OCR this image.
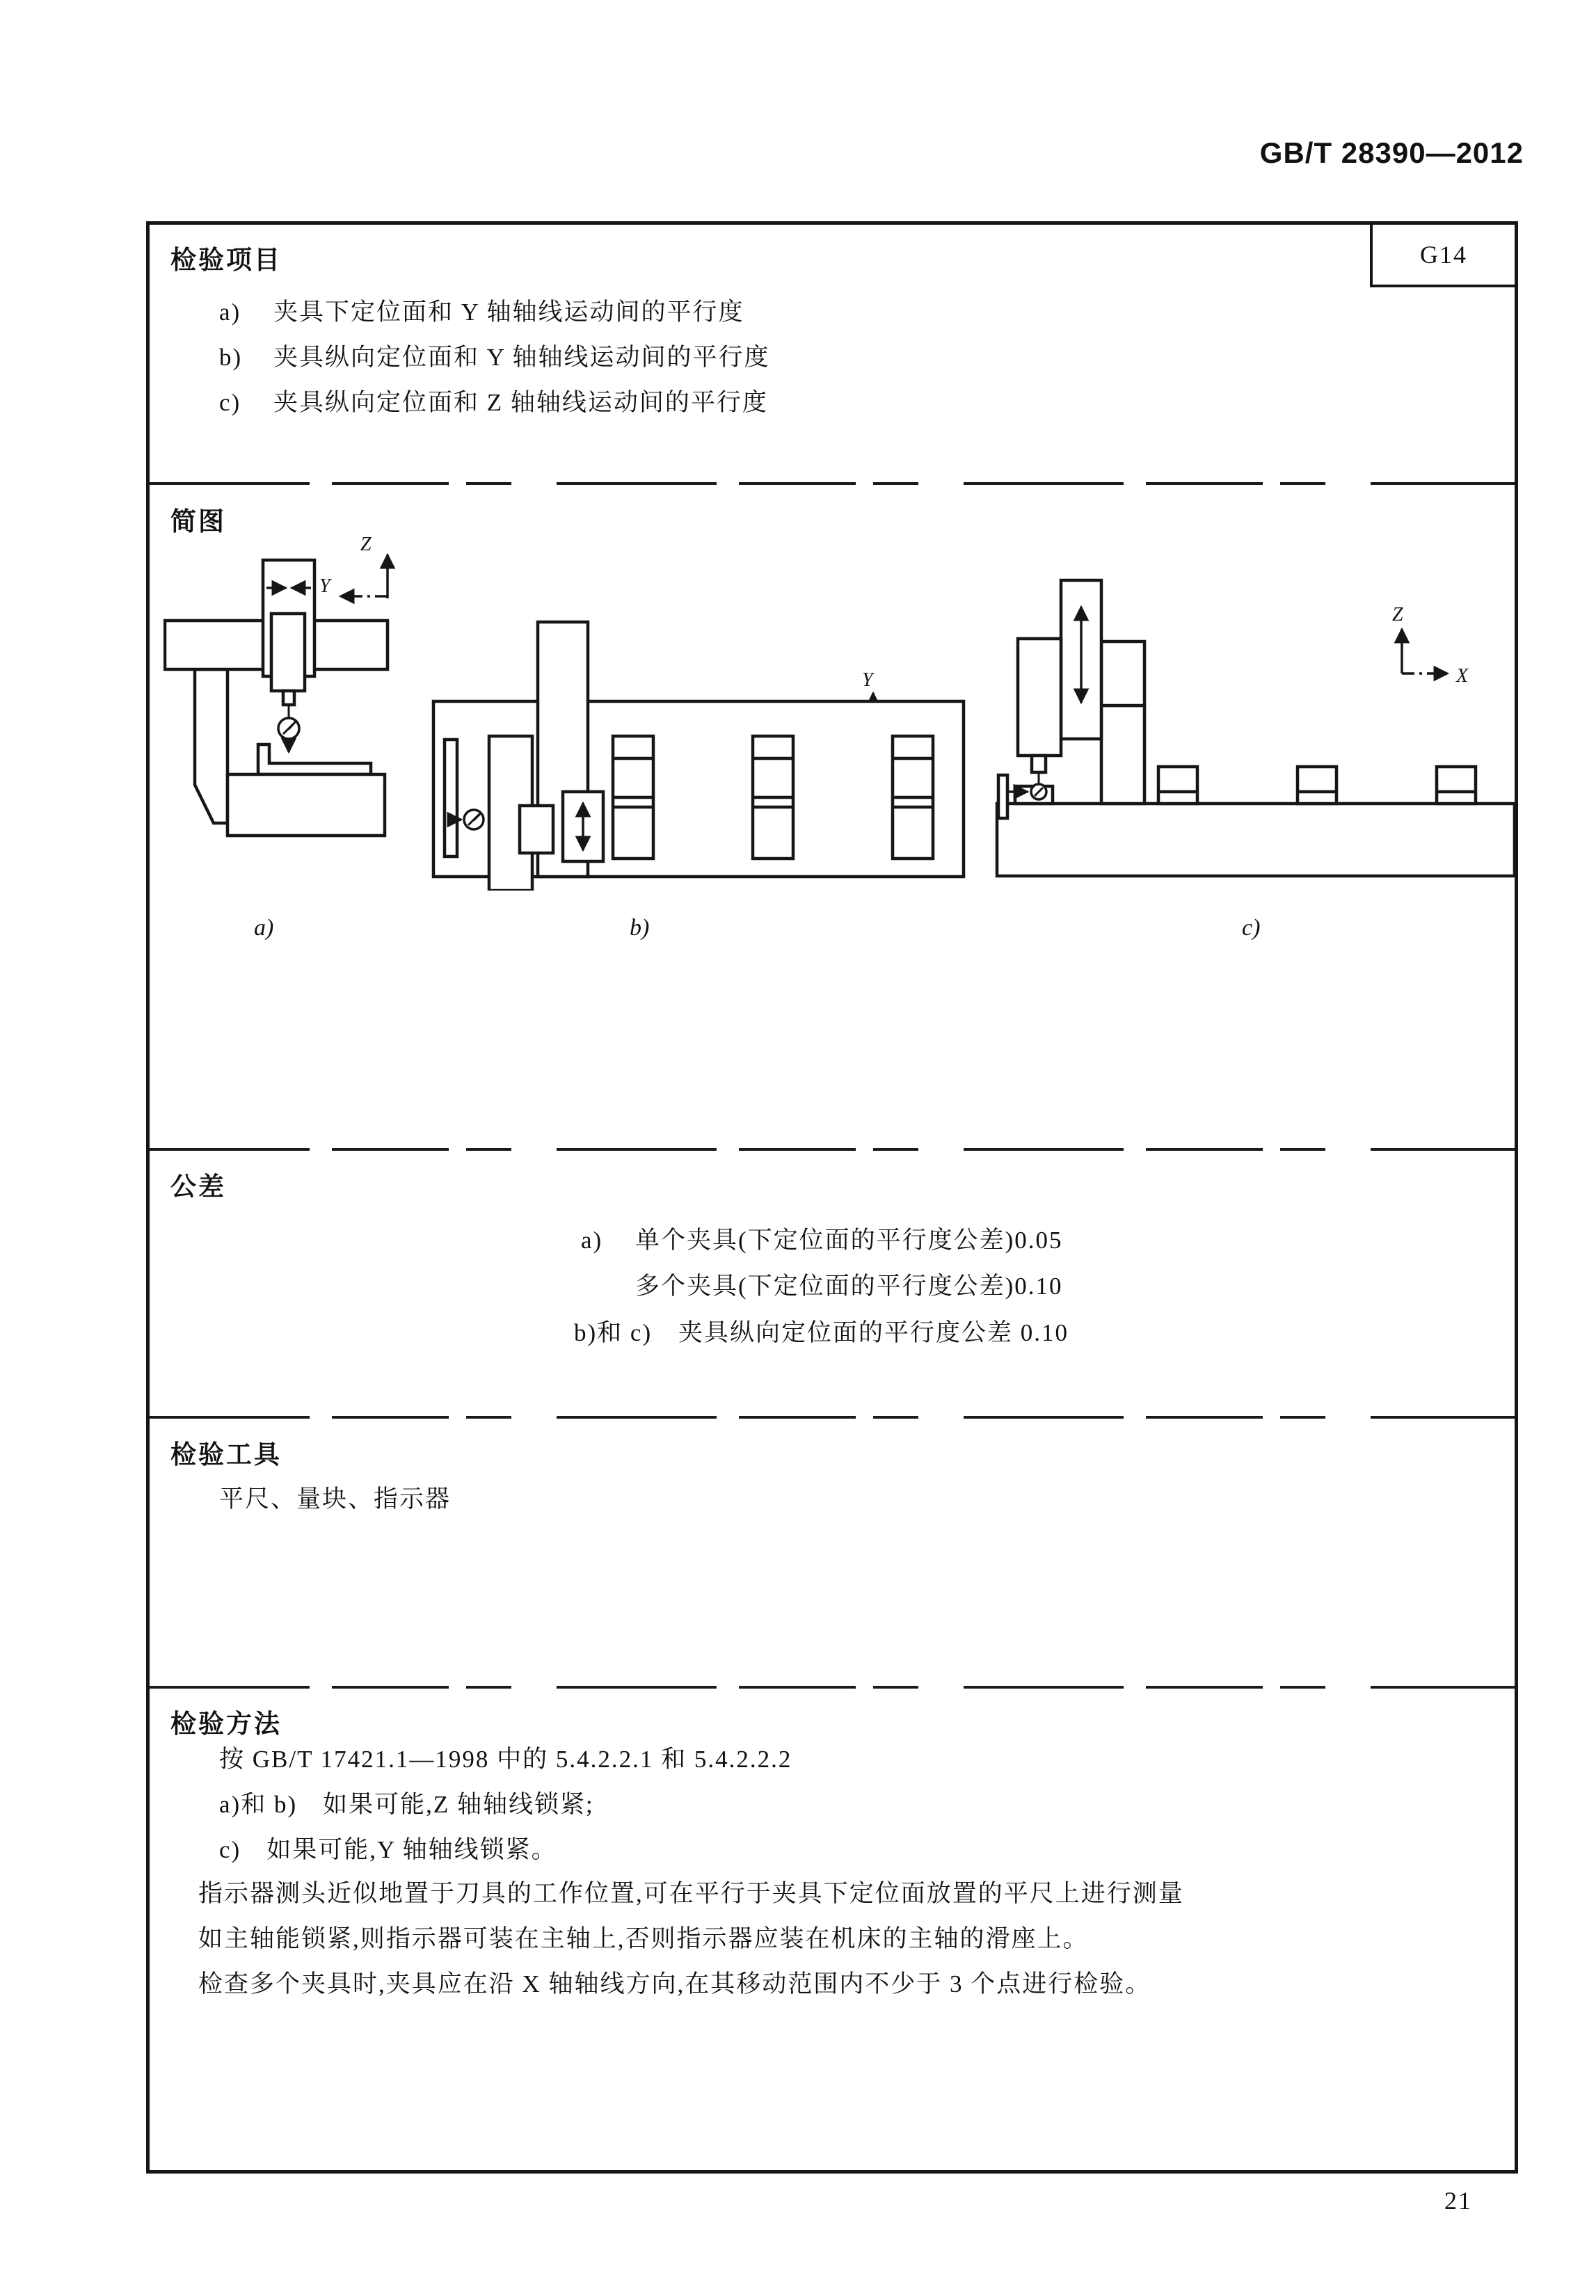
GB/T 28390—2012
G14
检验项目
a) 夹具下定位面和 Y 轴轴线运动间的平行度
b) 夹具纵向定位面和 Y 轴轴线运动间的平行度
c) 夹具纵向定位面和 Z 轴轴线运动间的平行度
简图
Z
Y
Y
Z
X
a)	b)	c)
公差
a) 单个夹具(下定位面的平行度公差)0.05
多个夹具(下定位面的平行度公差)0.10
b)和 c) 夹具纵向定位面的平行度公差 0.10
检验工具
平尺、量块、指示器
检验方法
按 GB/T 17421.1—1998 中的 5.4.2.2.1 和 5.4.2.2.2
a)和 b)　如果可能,Z 轴轴线锁紧;
c)　如果可能,Y 轴轴线锁紧。
指示器测头近似地置于刀具的工作位置,可在平行于夹具下定位面放置的平尺上进行测量
如主轴能锁紧,则指示器可装在主轴上,否则指示器应装在机床的主轴的滑座上。
检查多个夹具时,夹具应在沿 X 轴轴线方向,在其移动范围内不少于 3 个点进行检验。
21
